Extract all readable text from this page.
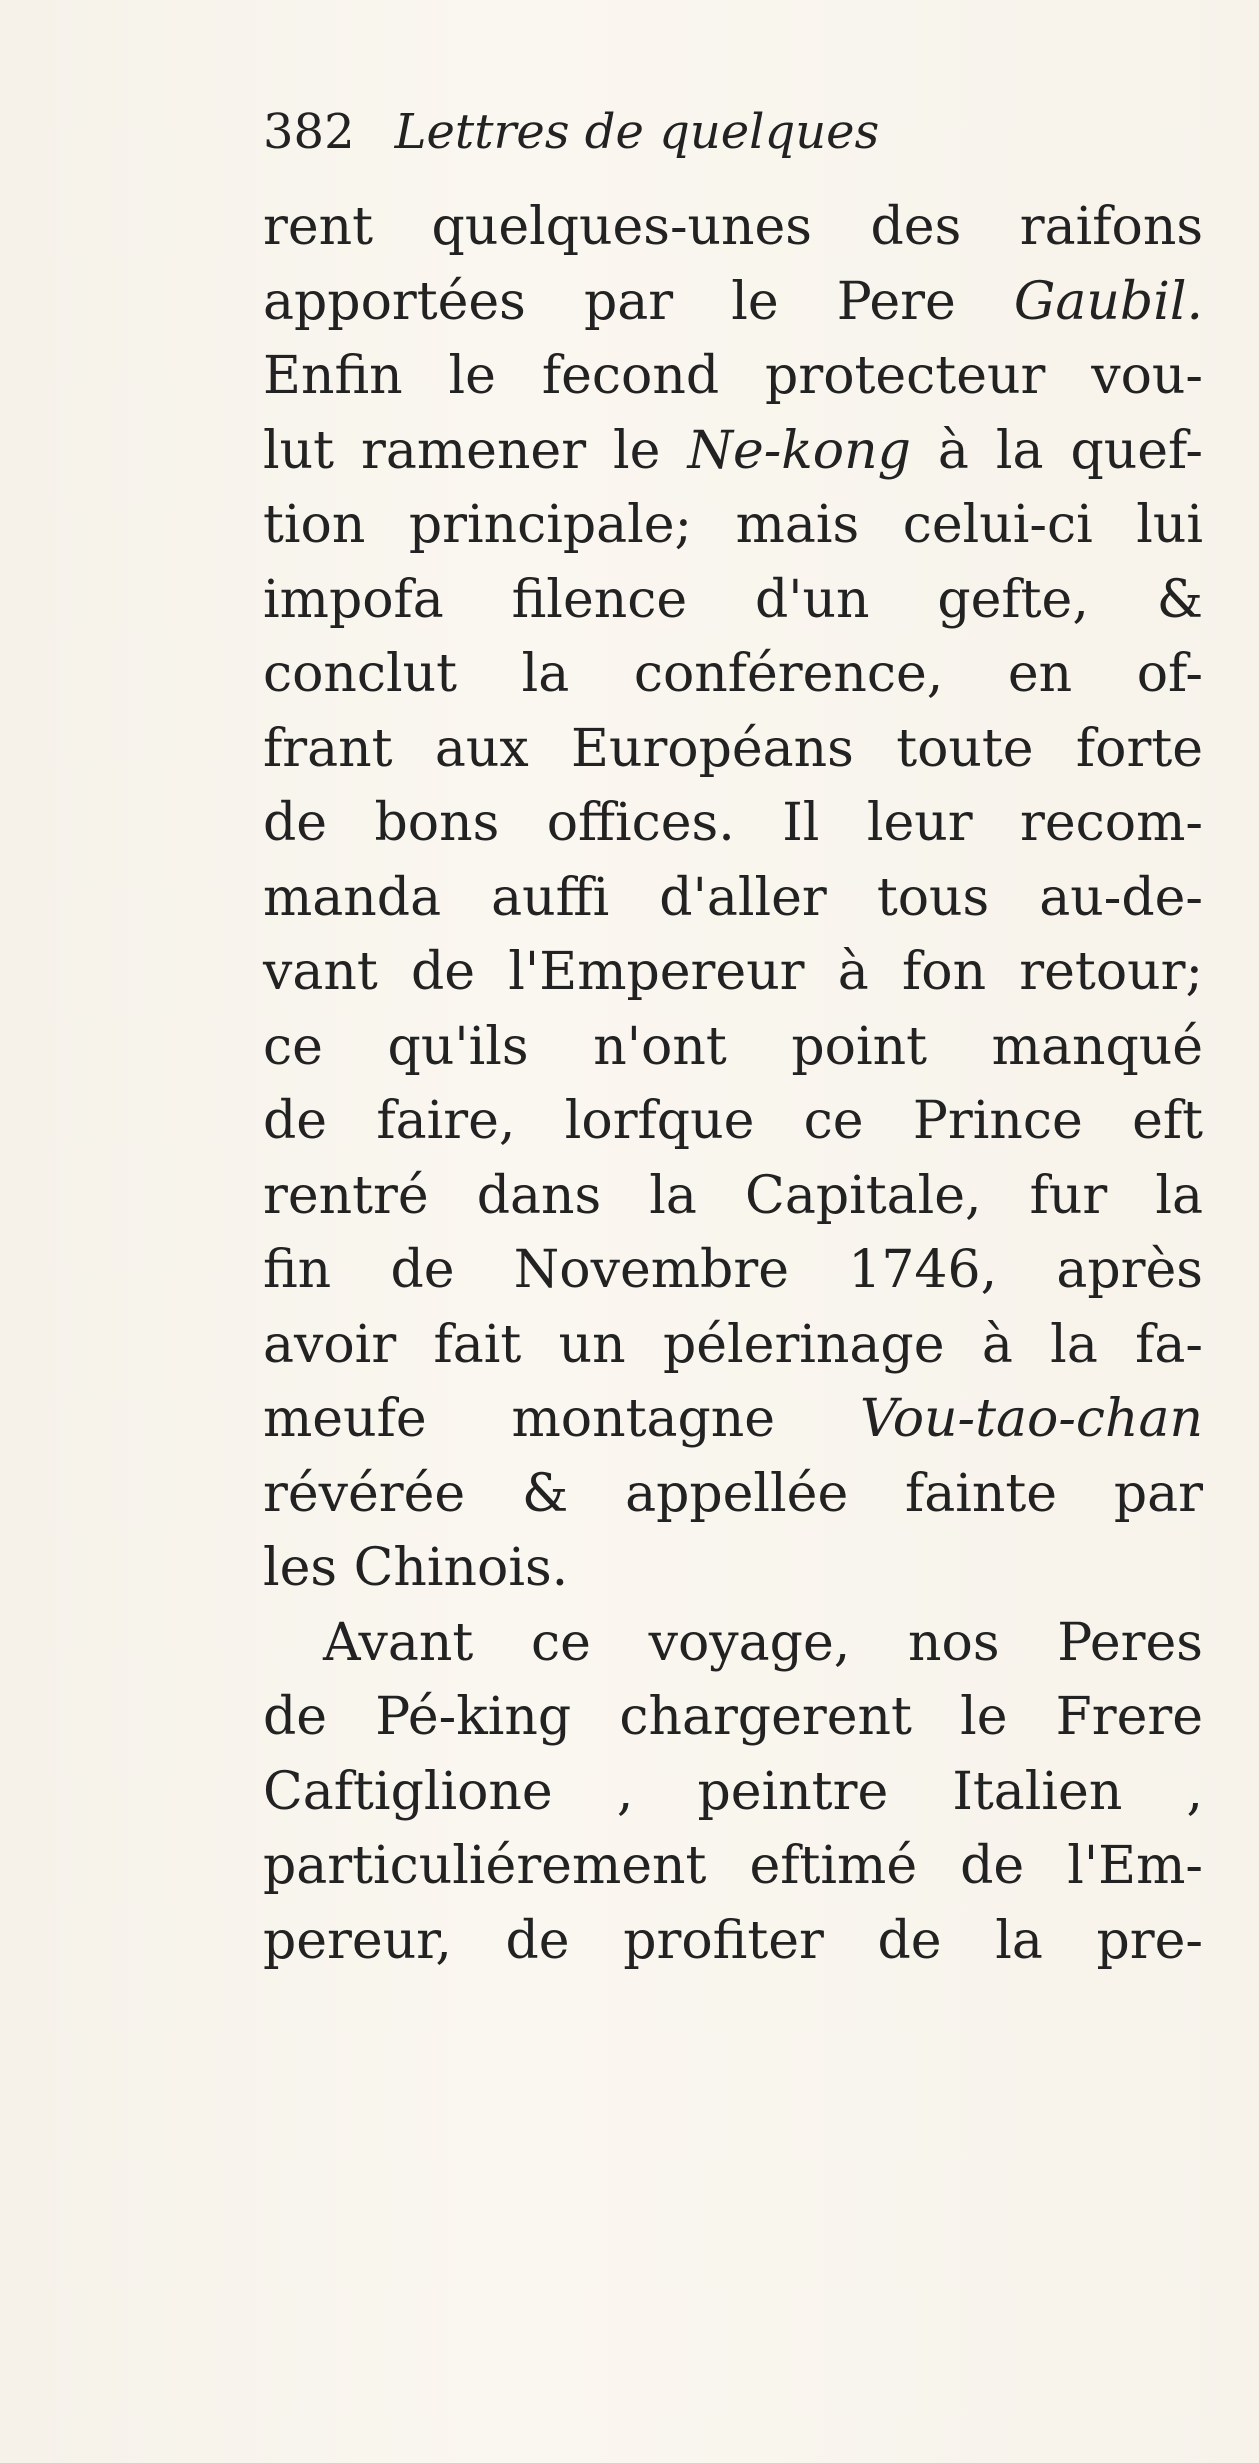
382 Lettres de quelques
rent quelques-unes des raifons
apportées par le Pere Gaubil.
Enfin le fecond protecteur vou-
lut ramener le Ne-kong à la quef-
tion principale; mais celui-ci lui
impofa filence d'un gefte, &
conclut la conférence, en of-
frant aux Européans toute forte
de bons offices. Il leur recom-
manda auffi d'aller tous au-de-
vant de l'Empereur à fon retour;
ce qu'ils n'ont point manqué
de faire, lorfque ce Prince eft
rentré dans la Capitale, fur la
fin de Novembre 1746, après
avoir fait un pélerinage à la fa-
meufe montagne Vou-tao-chan
révérée & appellée fainte par
les Chinois.
Avant ce voyage, nos Peres
de Pé-king chargerent le Frere
Caftiglione , peintre Italien ,
particuliérement eftimé de l'Em-
pereur, de profiter de la pre-
